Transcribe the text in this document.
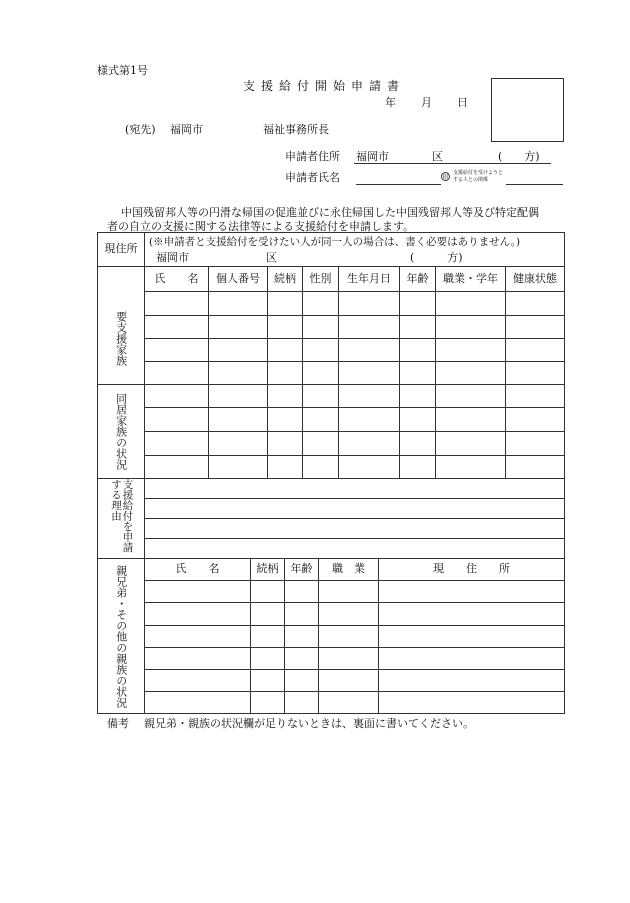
様式第1号
支援給付開始申請書
年 月 日
(宛先) 福岡市	福祉事務所長
申請者住所 福岡市	区	(　　方)
申請者氏名	印
支援給付を受けようと
する人との関係
中国残留邦人等の円滑な帰国の促進並びに永住帰国した中国残留邦人等及び特定配偶
者の自立の支援に関する法律等による支援給付を申請します。
現住所
(※申請者と支援給付を受けたい人が同一人の場合は、書く必要はありません。)
福岡市	区	(　　　方)
氏　　名	個人番号	続柄	性別	生年月日	年齢	職業・学年	健康状態
要支援家族
同居家族の状況
支援給付を申請する理由
親兄弟・その他の親族の状況	氏　　名	続柄	年齢	職　業	現　　住　　所
備考 親兄弟・親族の状況欄が足りないときは、裏面に書いてください。
